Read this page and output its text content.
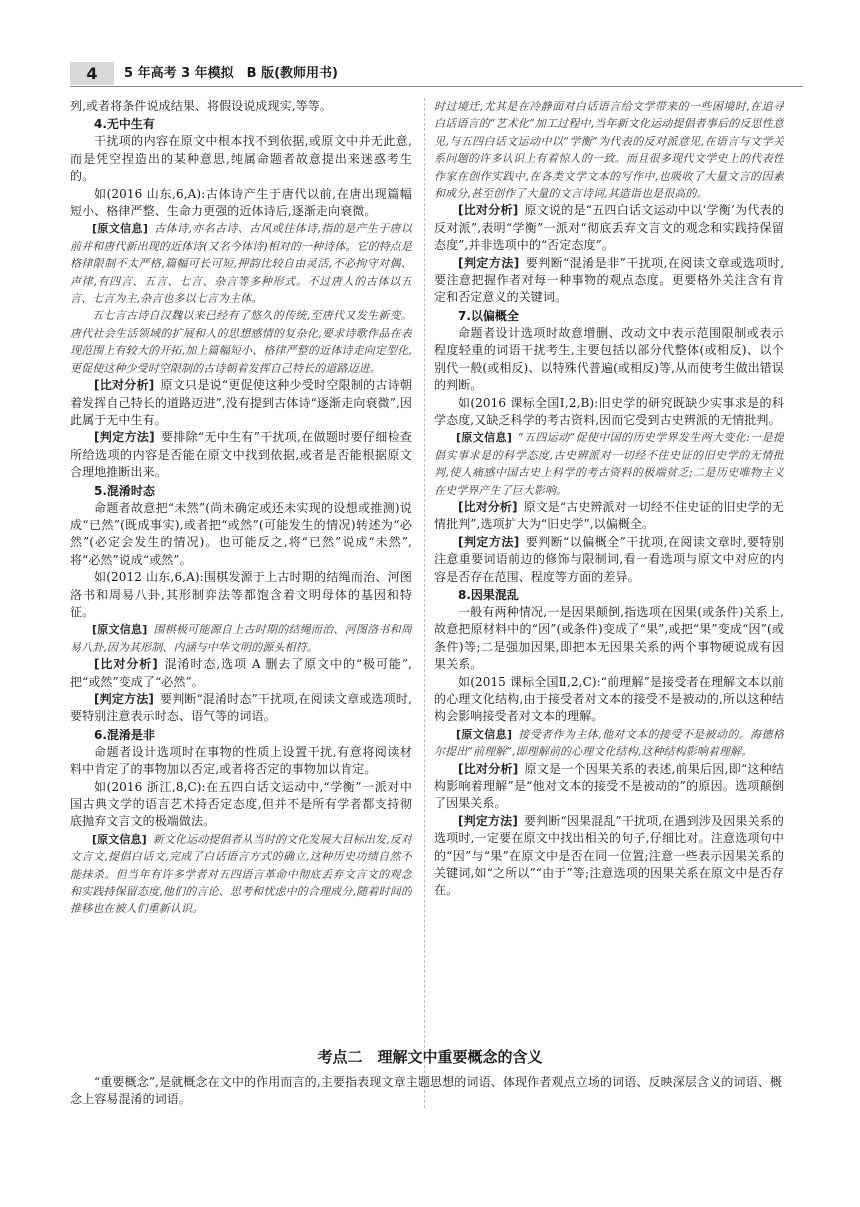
4	5 年高考 3 年模拟　B 版(教师用书)

列,或者将条件说成结果、将假设说成现实,等等。

4.无中生有

干扰项的内容在原文中根本找不到依据,或原文中并无此意,而是凭空捏造出的某种意思,纯属命题者故意提出来迷惑考生的。

如(2016 山东,6,A):古体诗产生于唐代以前,在唐出现篇幅短小、格律严整、生命力更强的近体诗后,逐渐走向衰微。

[原文信息] 古体诗,亦名古诗、古风或往体诗,指的是产生于唐以前并和唐代新出现的近体诗(又名今体诗)相对的一种诗体。它的特点是格律限制不太严格,篇幅可长可短,押韵比较自由灵活,不必拘守对偶、声律,有四言、五言、七言、杂言等多种形式。不过唐人的古体以五言、七言为主,杂言也多以七言为主体。

五七言古诗自汉魏以来已经有了悠久的传统,至唐代又发生新变。唐代社会生活领域的扩展和人的思想感情的复杂化,要求诗歌作品在表现范围上有较大的开拓,加上篇幅短小、格律严整的近体诗走向定型化,更促使这种少受时空限制的古诗朝着发挥自己特长的道路迈进。

[比对分析] 原文只是说“更促使这种少受时空限制的古诗朝着发挥自己特长的道路迈进”,没有提到古体诗“逐渐走向衰微”,因此属于无中生有。

[判定方法] 要排除“无中生有”干扰项,在做题时要仔细检查所给选项的内容是否能在原文中找到依据,或者是否能根据原文合理地推断出来。

5.混淆时态

命题者故意把“未然”(尚未确定或还未实现的设想或推测)说成“已然”(既成事实),或者把“或然”(可能发生的情况)转述为“必然”(必定会发生的情况)。也可能反之,将“已然”说成“未然”,将“必然”说成“或然”。

如(2012 山东,6,A):围棋发源于上古时期的结绳而治、河图洛书和周易八卦,其形制弈法等都饱含着文明母体的基因和特征。

[原文信息] 围棋极可能源自上古时期的结绳而治、河图洛书和周易八卦,因为其形制、内涵与中华文明的源头相符。

[比对分析] 混淆时态,选项 A 删去了原文中的“极可能”,把“或然”变成了“必然”。

[判定方法] 要判断“混淆时态”干扰项,在阅读文章或选项时,要特别注意表示时态、语气等的词语。

6.混淆是非

命题者设计选项时在事物的性质上设置干扰,有意将阅读材料中肯定了的事物加以否定,或者将否定的事物加以肯定。

如(2016 浙江,8,C):在五四白话文运动中,“学衡”一派对中国古典文学的语言艺术持否定态度,但并不是所有学者都支持彻底抛弃文言文的极端做法。

[原文信息] 新文化运动提倡者从当时的文化发展大目标出发,反对文言文,提倡白话文,完成了白话语言方式的确立,这种历史功绩自然不能抹杀。但当年有许多学者对五四语言革命中彻底丢弃文言文的观念和实践持保留态度,他们的言论、思考和忧虑中的合理成分,随着时间的推移也在被人们重新认识。

时过境迁,尤其是在冷静面对白话语言给文学带来的一些困境时,在追寻白话语言的“艺术化”加工过程中,当年新文化运动提倡者事后的反思性意见,与五四白话文运动中以“学衡”为代表的反对派意见,在语言与文学关系问题的许多认识上有着惊人的一致。而且很多现代文学史上的代表性作家在创作实践中,在各类文学文本的写作中,也吸收了大量文言的因素和成分,甚至创作了大量的文言诗词,其造诣也是很高的。

[比对分析] 原文说的是“五四白话文运动中以‘学衡’为代表的反对派”,表明“学衡”一派对“彻底丢弃文言文的观念和实践持保留态度”,并非选项中的“否定态度”。

[判定方法] 要判断“混淆是非”干扰项,在阅读文章或选项时,要注意把握作者对每一种事物的观点态度。更要格外关注含有肯定和否定意义的关键词。

7.以偏概全

命题者设计选项时故意增删、改动文中表示范围限制或表示程度轻重的词语干扰考生,主要包括以部分代整体(或相反)、以个别代一般(或相反)、以特殊代普遍(或相反)等,从而使考生做出错误的判断。

如(2016 课标全国Ⅰ,2,B):旧史学的研究既缺少实事求是的科学态度,又缺乏科学的考古资料,因而它受到古史辨派的无情批判。

[原文信息] “五四运动”促使中国的历史学界发生两大变化:一是提倡实事求是的科学态度,古史辨派对一切经不住史证的旧史学的无情批判,使人痛感中国古史上科学的考古资料的极端贫乏;二是历史唯物主义在史学界产生了巨大影响。

[比对分析] 原文是“古史辨派对一切经不住史证的旧史学的无情批判”,选项扩大为“旧史学”,以偏概全。

[判定方法] 要判断“以偏概全”干扰项,在阅读文章时,要特别注意重要词语前边的修饰与限制词,看一看选项与原文中对应的内容是否存在范围、程度等方面的差异。

8.因果混乱

一般有两种情况,一是因果颠倒,指选项在因果(或条件)关系上,故意把原材料中的“因”(或条件)变成了“果”,或把“果”变成“因”(或条件)等;二是强加因果,即把本无因果关系的两个事物硬说成有因果关系。

如(2015 课标全国Ⅱ,2,C):“前理解”是接受者在理解文本以前的心理文化结构,由于接受者对文本的接受不是被动的,所以这种结构会影响接受者对文本的理解。

[原文信息] 接受者作为主体,他对文本的接受不是被动的。海德格尔提出“前理解”,即理解前的心理文化结构,这种结构影响着理解。

[比对分析] 原文是一个因果关系的表述,前果后因,即“这种结构影响着理解”是“他对文本的接受不是被动的”的原因。选项颠倒了因果关系。

[判定方法] 要判断“因果混乱”干扰项,在遇到涉及因果关系的选项时,一定要在原文中找出相关的句子,仔细比对。注意选项句中的“因”与“果”在原文中是否在同一位置;注意一些表示因果关系的关键词,如“之所以”“由于”等;注意选项的因果关系在原文中是否存在。

考点二　理解文中重要概念的含义

“重要概念”,是就概念在文中的作用而言的,主要指表现文章主题思想的词语、体现作者观点立场的词语、反映深层含义的词语、概念上容易混淆的词语。
